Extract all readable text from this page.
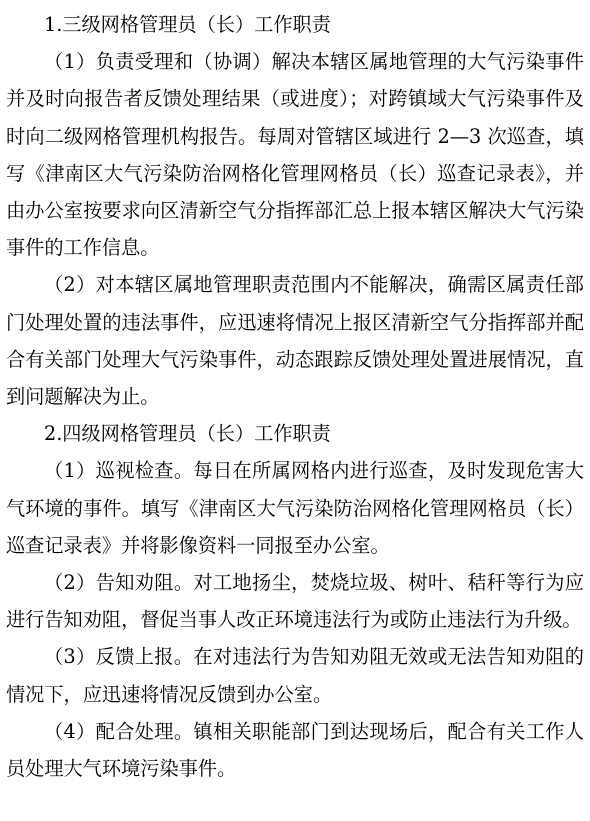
1.三级网格管理员（长）工作职责

（1）负责受理和（协调）解决本辖区属地管理的大气污染事件并及时向报告者反馈处理结果（或进度）；对跨镇域大气污染事件及时向二级网格管理机构报告。每周对管辖区域进行 2—3 次巡查，填写《津南区大气污染防治网格化管理网格员（长）巡查记录表》，并由办公室按要求向区清新空气分指挥部汇总上报本辖区解决大气污染事件的工作信息。

（2）对本辖区属地管理职责范围内不能解决，确需区属责任部门处理处置的违法事件，应迅速将情况上报区清新空气分指挥部并配合有关部门处理大气污染事件，动态跟踪反馈处理处置进展情况，直到问题解决为止。

2.四级网格管理员（长）工作职责

（1）巡视检查。每日在所属网格内进行巡查，及时发现危害大气环境的事件。填写《津南区大气污染防治网格化管理网格员（长）巡查记录表》并将影像资料一同报至办公室。

（2）告知劝阻。对工地扬尘，焚烧垃圾、树叶、秸秆等行为应进行告知劝阻，督促当事人改正环境违法行为或防止违法行为升级。

（3）反馈上报。在对违法行为告知劝阻无效或无法告知劝阻的情况下，应迅速将情况反馈到办公室。

（4）配合处理。镇相关职能部门到达现场后，配合有关工作人员处理大气环境污染事件。
